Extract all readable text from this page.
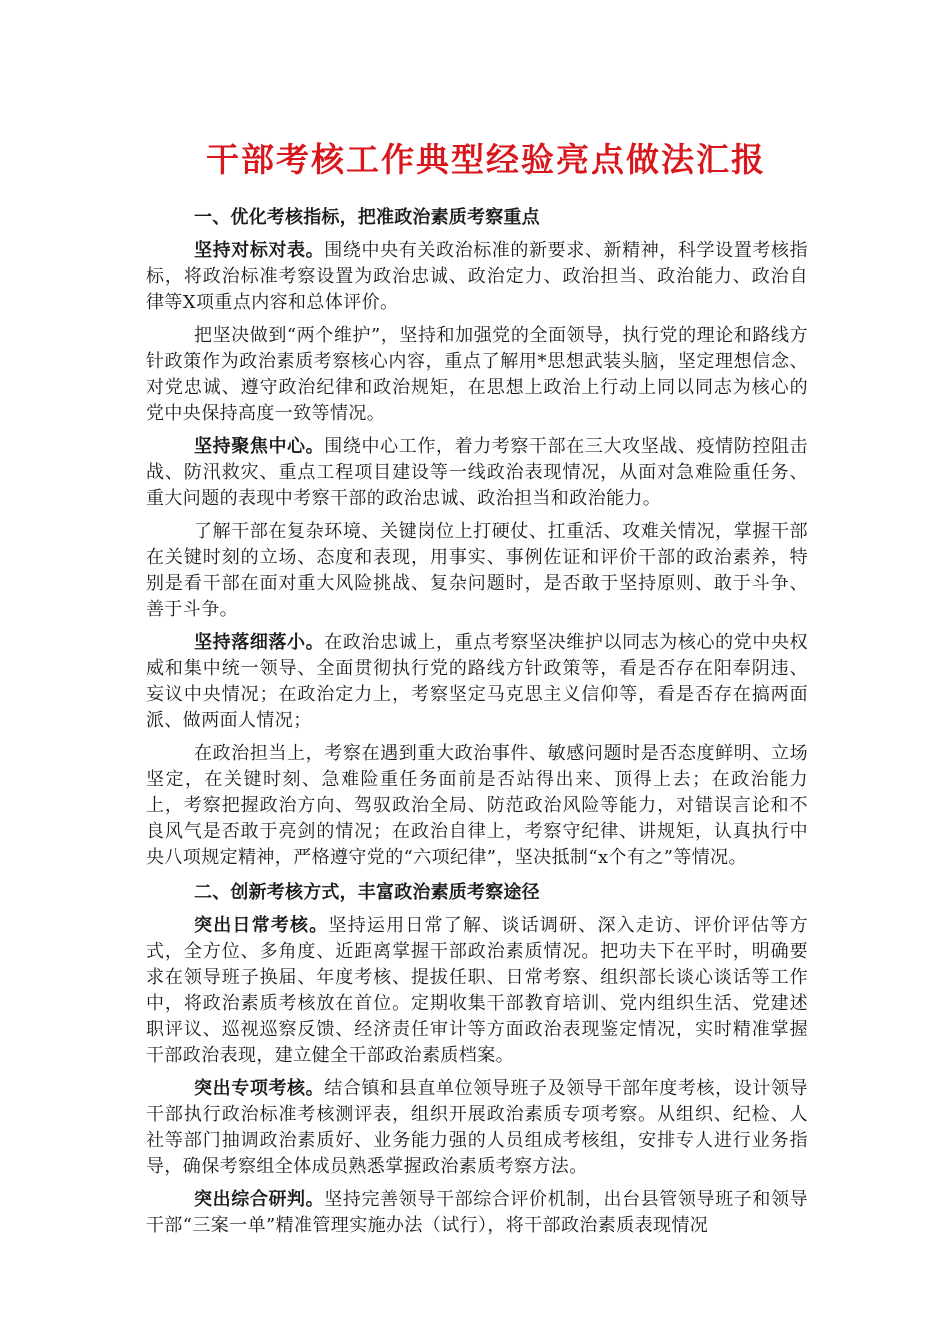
干部考核工作典型经验亮点做法汇报
一、优化考核指标，把准政治素质考察重点

坚持对标对表。围绕中央有关政治标准的新要求、新精神，科学设置考核指标，将政治标准考察设置为政治忠诚、政治定力、政治担当、政治能力、政治自律等X项重点内容和总体评价。

把坚决做到“两个维护”，坚持和加强党的全面领导，执行党的理论和路线方针政策作为政治素质考察核心内容，重点了解用*思想武装头脑，坚定理想信念、对党忠诚、遵守政治纪律和政治规矩，在思想上政治上行动上同以同志为核心的党中央保持高度一致等情况。

坚持聚焦中心。围绕中心工作，着力考察干部在三大攻坚战、疫情防控阻击战、防汛救灾、重点工程项目建设等一线政治表现情况，从面对急难险重任务、重大问题的表现中考察干部的政治忠诚、政治担当和政治能力。

了解干部在复杂环境、关键岗位上打硬仗、扛重活、攻难关情况，掌握干部在关键时刻的立场、态度和表现，用事实、事例佐证和评价干部的政治素养，特别是看干部在面对重大风险挑战、复杂问题时，是否敢于坚持原则、敢于斗争、善于斗争。

坚持落细落小。在政治忠诚上，重点考察坚决维护以同志为核心的党中央权威和集中统一领导、全面贯彻执行党的路线方针政策等，看是否存在阳奉阴违、妄议中央情况；在政治定力上，考察坚定马克思主义信仰等，看是否存在搞两面派、做两面人情况；

在政治担当上，考察在遇到重大政治事件、敏感问题时是否态度鲜明、立场坚定，在关键时刻、急难险重任务面前是否站得出来、顶得上去；在政治能力上，考察把握政治方向、驾驭政治全局、防范政治风险等能力，对错误言论和不良风气是否敢于亮剑的情况；在政治自律上，考察守纪律、讲规矩，认真执行中央八项规定精神，严格遵守党的“六项纪律”，坚决抵制“x个有之”等情况。

二、创新考核方式，丰富政治素质考察途径

突出日常考核。坚持运用日常了解、谈话调研、深入走访、评价评估等方式，全方位、多角度、近距离掌握干部政治素质情况。把功夫下在平时，明确要求在领导班子换届、年度考核、提拔任职、日常考察、组织部长谈心谈话等工作中，将政治素质考核放在首位。定期收集干部教育培训、党内组织生活、党建述职评议、巡视巡察反馈、经济责任审计等方面政治表现鉴定情况，实时精准掌握干部政治表现，建立健全干部政治素质档案。

突出专项考核。结合镇和县直单位领导班子及领导干部年度考核，设计领导干部执行政治标准考核测评表，组织开展政治素质专项考察。从组织、纪检、人社等部门抽调政治素质好、业务能力强的人员组成考核组，安排专人进行业务指导，确保考察组全体成员熟悉掌握政治素质考察方法。

突出综合研判。坚持完善领导干部综合评价机制，出台县管领导班子和领导干部“三案一单”精准管理实施办法（试行），将干部政治素质表现情况
